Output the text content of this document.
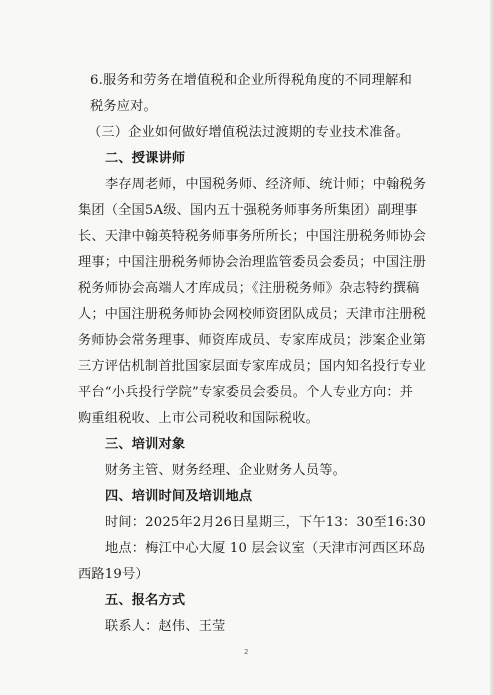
6.服务和劳务在增值税和企业所得税角度的不同理解和
税务应对。
（三）企业如何做好增值税法过渡期的专业技术准备。
二、授课讲师
李存周老师，中国税务师、经济师、统计师；中翰税务
集团（全国5A级、国内五十强税务师事务所集团）副理事
长、天津中翰英特税务师事务所所长；中国注册税务师协会
理事；中国注册税务师协会治理监管委员会委员；中国注册
税务师协会高端人才库成员；《注册税务师》杂志特约撰稿
人；中国注册税务师协会网校师资团队成员；天津市注册税
务师协会常务理事、师资库成员、专家库成员；涉案企业第
三方评估机制首批国家层面专家库成员；国内知名投行专业
平台“小兵投行学院”专家委员会委员。个人专业方向：并
购重组税收、上市公司税收和国际税收。
三、培训对象
财务主管、财务经理、企业财务人员等。
四、培训时间及培训地点
时间：2025年2月26日星期三，下午13：30至16:30
地点：梅江中心大厦 10 层会议室（天津市河西区环岛
西路19号）
五、报名方式
联系人：赵伟、王莹
2
